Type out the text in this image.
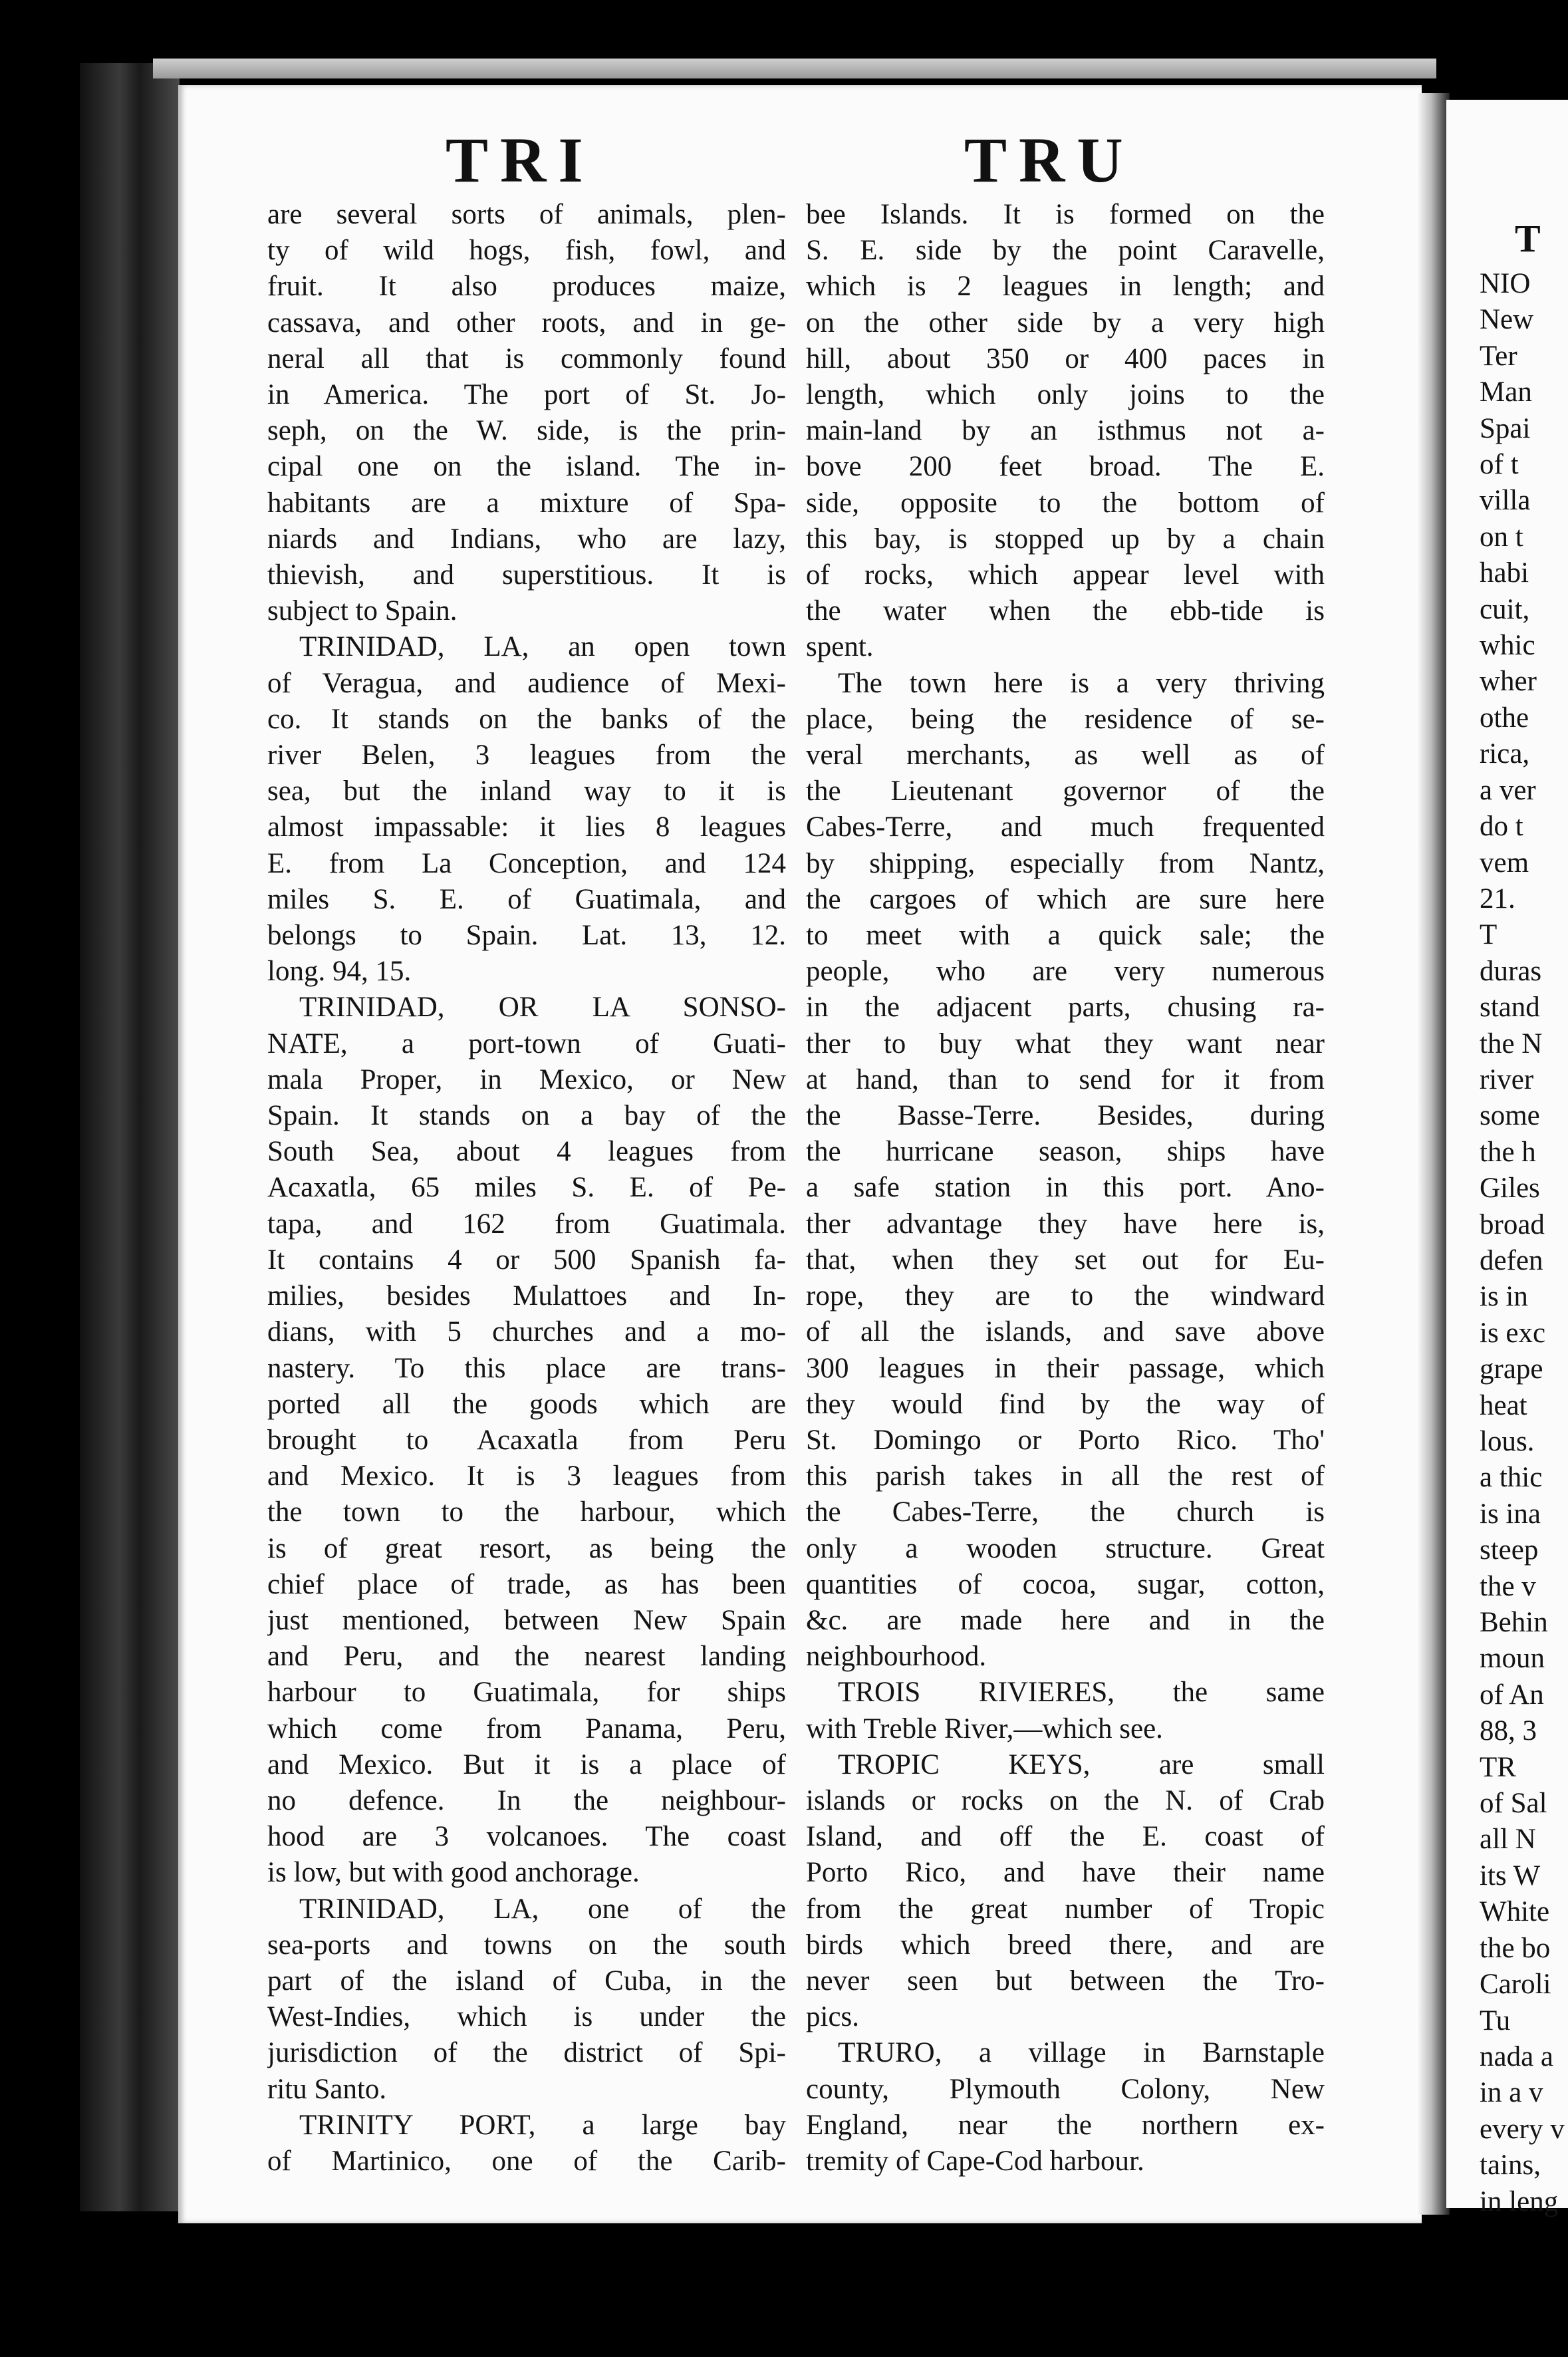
TRI	TRU
are several sorts of animals, plen-
ty of wild hogs, fish, fowl, and
fruit. It also produces maize,
cassava, and other roots, and in ge-
neral all that is commonly found
in America. The port of St. Jo-
seph, on the W. side, is the prin-
cipal one on the island. The in-
habitants are a mixture of Spa-
niards and Indians, who are lazy,
thievish, and superstitious. It is
subject to Spain.
TRINIDAD, LA, an open town
of Veragua, and audience of Mexi-
co. It stands on the banks of the
river Belen, 3 leagues from the
sea, but the inland way to it is
almost impassable: it lies 8 leagues
E. from La Conception, and 124
miles S. E. of Guatimala, and
belongs to Spain. Lat. 13, 12.
long. 94, 15.
TRINIDAD, OR LA SONSO-
NATE, a port-town of Guati-
mala Proper, in Mexico, or New
Spain. It stands on a bay of the
South Sea, about 4 leagues from
Acaxatla, 65 miles S. E. of Pe-
tapa, and 162 from Guatimala.
It contains 4 or 500 Spanish fa-
milies, besides Mulattoes and In-
dians, with 5 churches and a mo-
nastery. To this place are trans-
ported all the goods which are
brought to Acaxatla from Peru
and Mexico. It is 3 leagues from
the town to the harbour, which
is of great resort, as being the
chief place of trade, as has been
just mentioned, between New Spain
and Peru, and the nearest landing
harbour to Guatimala, for ships
which come from Panama, Peru,
and Mexico. But it is a place of
no defence. In the neighbour-
hood are 3 volcanoes. The coast
is low, but with good anchorage.
TRINIDAD, LA, one of the
sea-ports and towns on the south
part of the island of Cuba, in the
West-Indies, which is under the
jurisdiction of the district of Spi-
ritu Santo.
TRINITY PORT, a large bay
of Martinico, one of the Carib-
bee Islands. It is formed on the
S. E. side by the point Caravelle,
which is 2 leagues in length; and
on the other side by a very high
hill, about 350 or 400 paces in
length, which only joins to the
main-land by an isthmus not a-
bove 200 feet broad. The E.
side, opposite to the bottom of
this bay, is stopped up by a chain
of rocks, which appear level with
the water when the ebb-tide is
spent.
The town here is a very thriving
place, being the residence of se-
veral merchants, as well as of
the Lieutenant governor of the
Cabes-Terre, and much frequented
by shipping, especially from Nantz,
the cargoes of which are sure here
to meet with a quick sale; the
people, who are very numerous
in the adjacent parts, chusing ra-
ther to buy what they want near
at hand, than to send for it from
the Basse-Terre. Besides, during
the hurricane season, ships have
a safe station in this port. Ano-
ther advantage they have here is,
that, when they set out for Eu-
rope, they are to the windward
of all the islands, and save above
300 leagues in their passage, which
they would find by the way of
St. Domingo or Porto Rico. Tho'
this parish takes in all the rest of
the Cabes-Terre, the church is
only a wooden structure. Great
quantities of cocoa, sugar, cotton,
&c. are made here and in the
neighbourhood.
TROIS RIVIERES, the same
with Treble River,—which see.
TROPIC KEYS, are small
islands or rocks on the N. of Crab
Island, and off the E. coast of
Porto Rico, and have their name
from the great number of Tropic
birds which breed there, and are
never seen but between the Tro-
pics.
TRURO, a village in Barnstaple
county, Plymouth Colony, New
England, near the northern ex-
tremity of Cape-Cod harbour.
T
NIO
New
Ter
Man
Spai
of t
villa
on t
habi
cuit,
whic
wher
othe
rica,
a ver
do t
vem
21.
T
duras
stand
the N
river
some
the h
Giles
broad
defen
is in
is exc
grape
heat
lous.
a thic
is ina
steep
the v
Behin
moun
of An
88, 3
TR
of Sal
all N
its W
White
the bo
Caroli
Tu
nada a
in a v
every v
tains,
in leng
